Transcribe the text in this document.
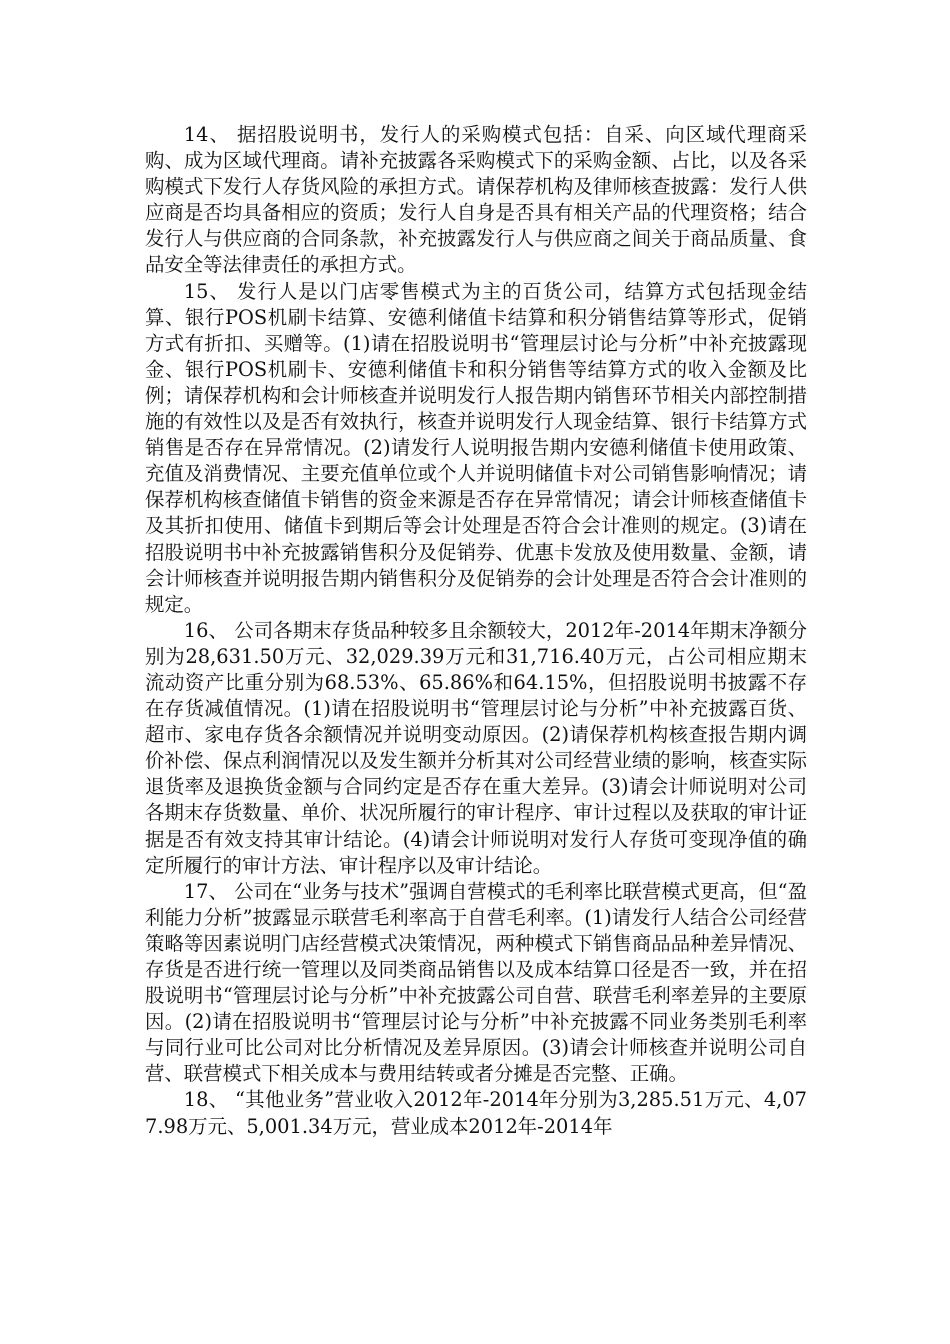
14、 据招股说明书，发行人的采购模式包括：自采、向区域代理商采购、成为区域代理商。请补充披露各采购模式下的采购金额、占比，以及各采购模式下发行人存货风险的承担方式。请保荐机构及律师核查披露：发行人供应商是否均具备相应的资质；发行人自身是否具有相关产品的代理资格；结合发行人与供应商的合同条款，补充披露发行人与供应商之间关于商品质量、食品安全等法律责任的承担方式。

15、 发行人是以门店零售模式为主的百货公司，结算方式包括现金结算、银行POS机刷卡结算、安德利储值卡结算和积分销售结算等形式，促销方式有折扣、买赠等。(1)请在招股说明书“管理层讨论与分析”中补充披露现金、银行POS机刷卡、安德利储值卡和积分销售等结算方式的收入金额及比例；请保荐机构和会计师核查并说明发行人报告期内销售环节相关内部控制措施的有效性以及是否有效执行，核查并说明发行人现金结算、银行卡结算方式销售是否存在异常情况。(2)请发行人说明报告期内安德利储值卡使用政策、充值及消费情况、主要充值单位或个人并说明储值卡对公司销售影响情况；请保荐机构核查储值卡销售的资金来源是否存在异常情况；请会计师核查储值卡及其折扣使用、储值卡到期后等会计处理是否符合会计准则的规定。(3)请在招股说明书中补充披露销售积分及促销券、优惠卡发放及使用数量、金额，请会计师核查并说明报告期内销售积分及促销券的会计处理是否符合会计准则的规定。

16、 公司各期末存货品种较多且余额较大，2012年-2014年期末净额分别为28,631.50万元、32,029.39万元和31,716.40万元，占公司相应期末流动资产比重分别为68.53%、65.86%和64.15%，但招股说明书披露不存在存货减值情况。(1)请在招股说明书“管理层讨论与分析”中补充披露百货、超市、家电存货各余额情况并说明变动原因。(2)请保荐机构核查报告期内调价补偿、保点利润情况以及发生额并分析其对公司经营业绩的影响，核查实际退货率及退换货金额与合同约定是否存在重大差异。(3)请会计师说明对公司各期末存货数量、单价、状况所履行的审计程序、审计过程以及获取的审计证据是否有效支持其审计结论。(4)请会计师说明对发行人存货可变现净值的确定所履行的审计方法、审计程序以及审计结论。

17、 公司在“业务与技术”强调自营模式的毛利率比联营模式更高，但“盈利能力分析”披露显示联营毛利率高于自营毛利率。(1)请发行人结合公司经营策略等因素说明门店经营模式决策情况，两种模式下销售商品品种差异情况、存货是否进行统一管理以及同类商品销售以及成本结算口径是否一致，并在招股说明书“管理层讨论与分析”中补充披露公司自营、联营毛利率差异的主要原因。(2)请在招股说明书“管理层讨论与分析”中补充披露不同业务类别毛利率与同行业可比公司对比分析情况及差异原因。(3)请会计师核查并说明公司自营、联营模式下相关成本与费用结转或者分摊是否完整、正确。

18、 “其他业务”营业收入2012年-2014年分别为3,285.51万元、4,077.98万元、5,001.34万元，营业成本2012年-2014年
